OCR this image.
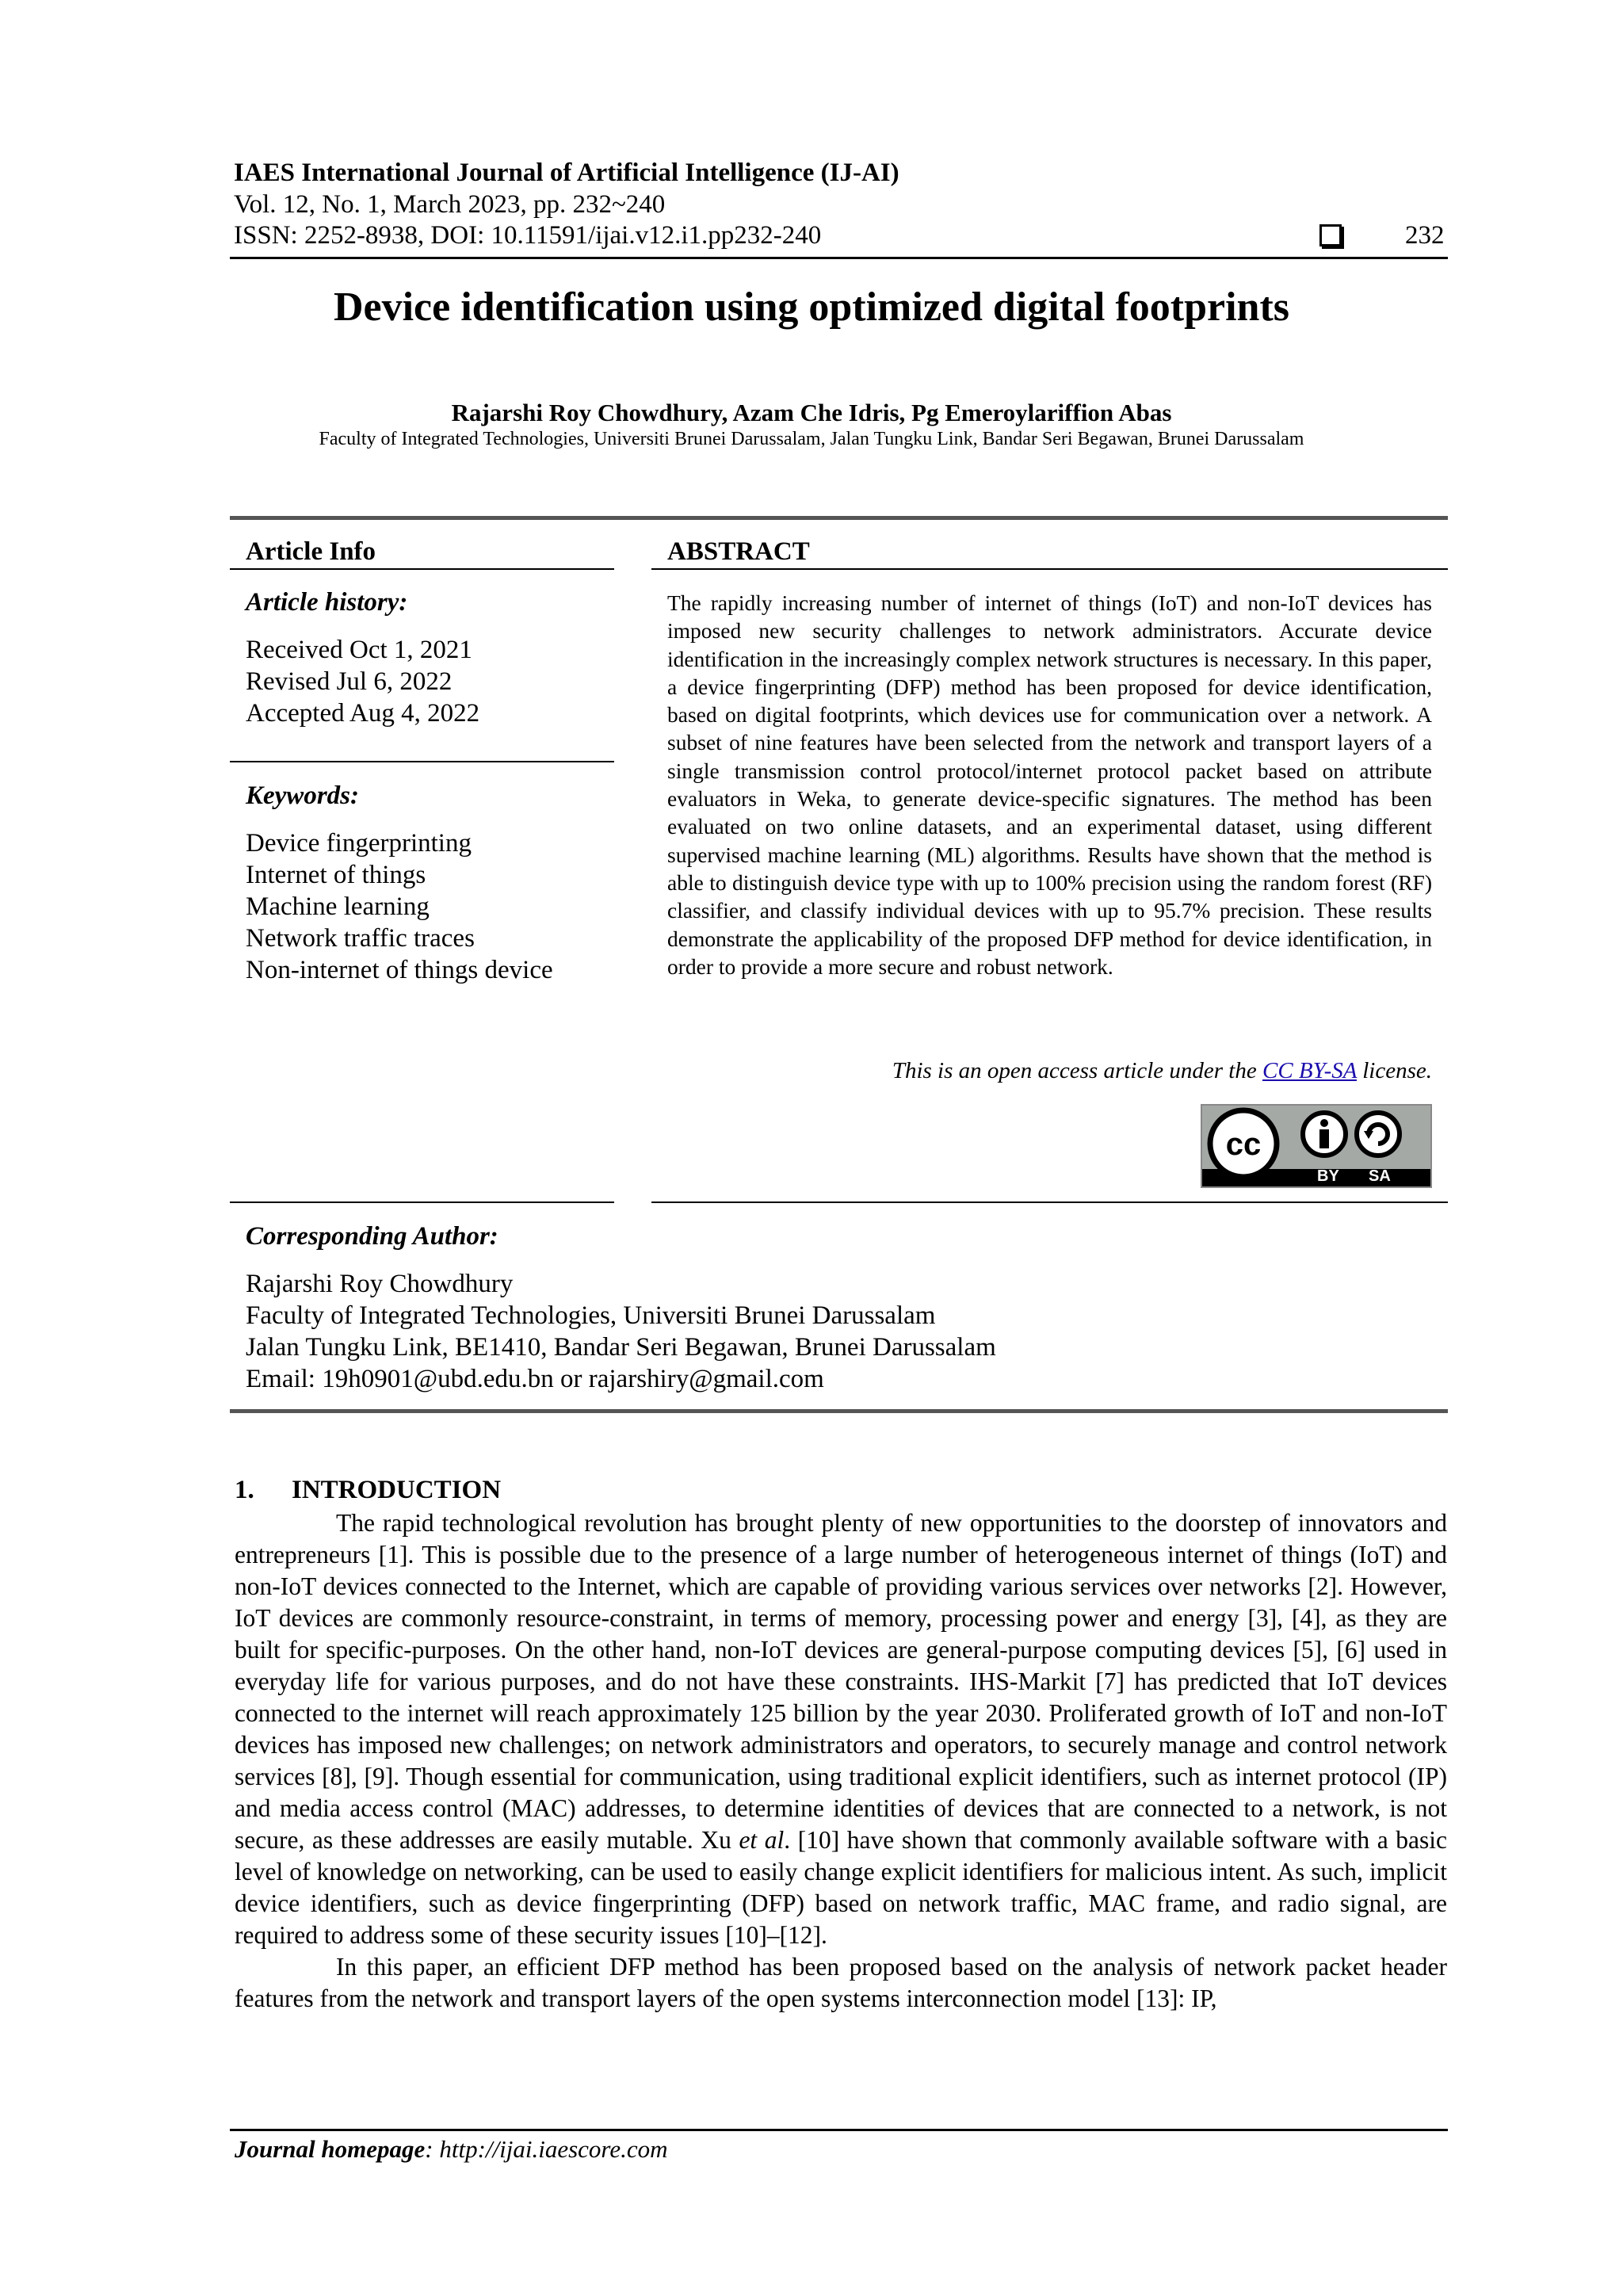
IAES International Journal of Artificial Intelligence (IJ-AI)
Vol. 12, No. 1, March 2023, pp. 232~240
ISSN: 2252-8938, DOI: 10.11591/ijai.v12.i1.pp232-240	232
Device identification using optimized digital footprints
Rajarshi Roy Chowdhury, Azam Che Idris, Pg Emeroylariffion Abas
Faculty of Integrated Technologies, Universiti Brunei Darussalam, Jalan Tungku Link, Bandar Seri Begawan, Brunei Darussalam
Article Info
Article history:
Received Oct 1, 2021
Revised Jul 6, 2022
Accepted Aug 4, 2022
Keywords:
Device fingerprinting
Internet of things
Machine learning
Network traffic traces
Non-internet of things device
ABSTRACT
The rapidly increasing number of internet of things (IoT) and non-IoT devices has imposed new security challenges to network administrators. Accurate device identification in the increasingly complex network structures is necessary. In this paper, a device fingerprinting (DFP) method has been proposed for device identification, based on digital footprints, which devices use for communication over a network. A subset of nine features have been selected from the network and transport layers of a single transmission control protocol/internet protocol packet based on attribute evaluators in Weka, to generate device-specific signatures. The method has been evaluated on two online datasets, and an experimental dataset, using different supervised machine learning (ML) algorithms. Results have shown that the method is able to distinguish device type with up to 100% precision using the random forest (RF) classifier, and classify individual devices with up to 95.7% precision. These results demonstrate the applicability of the proposed DFP method for device identification, in order to provide a more secure and robust network.
This is an open access article under the CC BY-SA license.
cc
BY SA
Corresponding Author:
Rajarshi Roy Chowdhury
Faculty of Integrated Technologies, Universiti Brunei Darussalam
Jalan Tungku Link, BE1410, Bandar Seri Begawan, Brunei Darussalam
Email: 19h0901@ubd.edu.bn or rajarshiry@gmail.com
1. INTRODUCTION

The rapid technological revolution has brought plenty of new opportunities to the doorstep of innovators and entrepreneurs [1]. This is possible due to the presence of a large number of heterogeneous internet of things (IoT) and non-IoT devices connected to the Internet, which are capable of providing various services over networks [2]. However, IoT devices are commonly resource-constraint, in terms of memory, processing power and energy [3], [4], as they are built for specific-purposes. On the other hand, non-IoT devices are general-purpose computing devices [5], [6] used in everyday life for various purposes, and do not have these constraints. IHS-Markit [7] has predicted that IoT devices connected to the internet will reach approximately 125 billion by the year 2030. Proliferated growth of IoT and non-IoT devices has imposed new challenges; on network administrators and operators, to securely manage and control network services [8], [9]. Though essential for communication, using traditional explicit identifiers, such as internet protocol (IP) and media access control (MAC) addresses, to determine identities of devices that are connected to a network, is not secure, as these addresses are easily mutable. Xu et al. [10] have shown that commonly available software with a basic level of knowledge on networking, can be used to easily change explicit identifiers for malicious intent. As such, implicit device identifiers, such as device fingerprinting (DFP) based on network traffic, MAC frame, and radio signal, are required to address some of these security issues [10]–[12].

In this paper, an efficient DFP method has been proposed based on the analysis of network packet header features from the network and transport layers of the open systems interconnection model [13]: IP,

Journal homepage: http://ijai.iaescore.com
